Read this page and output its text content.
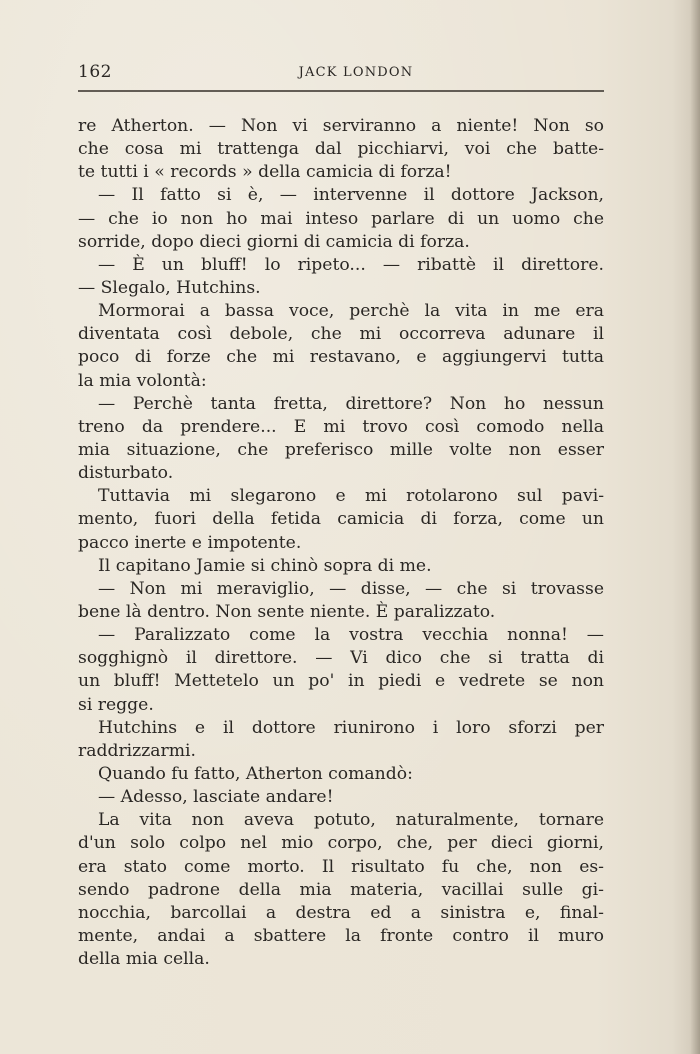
162	JACK LONDON
re Atherton. — Non vi serviranno a niente! Non so
che cosa mi trattenga dal picchiarvi, voi che batte-
te tutti i « records » della camicia di forza!
— Il fatto si è, — intervenne il dottore Jackson,
— che io non ho mai inteso parlare di un uomo che
sorride, dopo dieci giorni di camicia di forza.
— È un bluff! lo ripeto... — ribattè il direttore.
— Slegalo, Hutchins.
Mormorai a bassa voce, perchè la vita in me era
diventata così debole, che mi occorreva adunare il
poco di forze che mi restavano, e aggiungervi tutta
la mia volontà:
— Perchè tanta fretta, direttore? Non ho nessun
treno da prendere... E mi trovo così comodo nella
mia situazione, che preferisco mille volte non esser
disturbato.
Tuttavia mi slegarono e mi rotolarono sul pavi-
mento, fuori della fetida camicia di forza, come un
pacco inerte e impotente.
Il capitano Jamie si chinò sopra di me.
— Non mi meraviglio, — disse, — che si trovasse
bene là dentro. Non sente niente. È paralizzato.
— Paralizzato come la vostra vecchia nonna! —
sogghignò il direttore. — Vi dico che si tratta di
un bluff! Mettetelo un po' in piedi e vedrete se non
si regge.
Hutchins e il dottore riunirono i loro sforzi per
raddrizzarmi.
Quando fu fatto, Atherton comandò:
— Adesso, lasciate andare!
La vita non aveva potuto, naturalmente, tornare
d'un solo colpo nel mio corpo, che, per dieci giorni,
era stato come morto. Il risultato fu che, non es-
sendo padrone della mia materia, vacillai sulle gi-
nocchia, barcollai a destra ed a sinistra e, final-
mente, andai a sbattere la fronte contro il muro
della mia cella.
